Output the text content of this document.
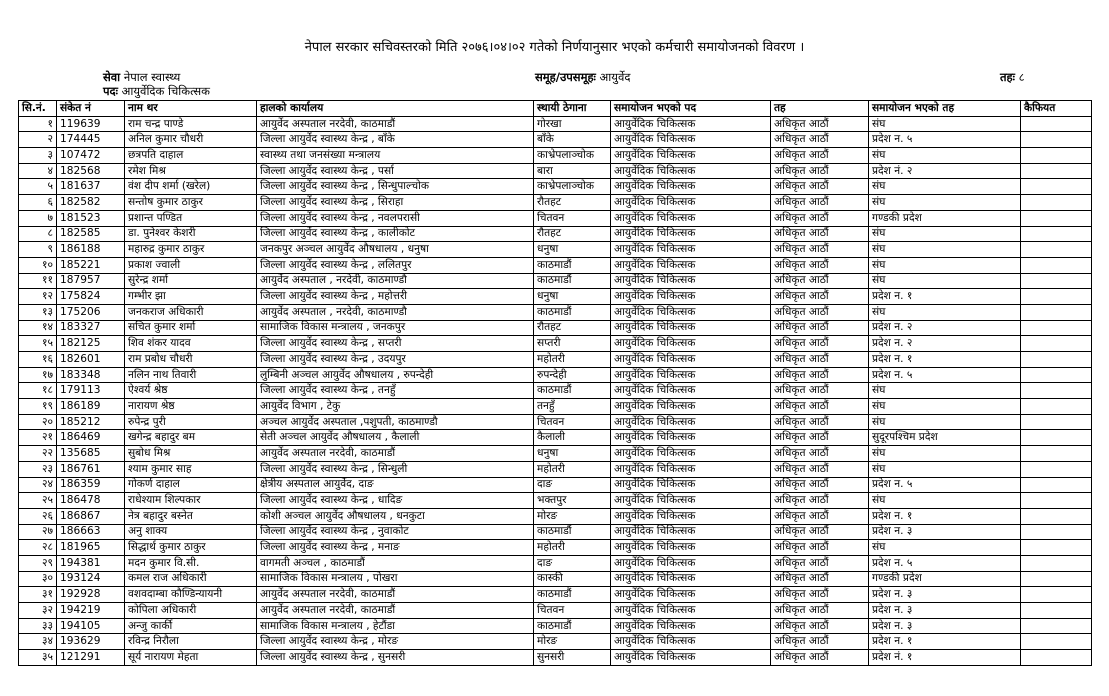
नेपाल सरकार सचिवस्तरको मिति २०७६।०४।०२ गतेको निर्णयानुसार भएको कर्मचारी समायोजनको विवरण ।
सेवा नेपाल स्वास्थ्य
पदः आयुर्वेदिक चिकित्सक
समूह/उपसमूहः आयुर्वेद	तहः ८
सि.नं.	संकेत नं	नाम थर	हालको कार्यालय	स्थायी ठेगाना	समायोजन भएको पद	तह	समायोजन भएको तह	कैफियत
१	119639	राम चन्द्र पाण्डे	आयुर्वेद अस्पताल नरदेवी, काठमाडौं	गोरखा	आयुर्वेदिक चिकित्सक	अधिकृत आठौं	संघ	
२	174445	अनिल कुमार चौधरी	जिल्ला आयुर्वेद स्वास्थ्य केन्द्र , बाँके	बाँके	आयुर्वेदिक चिकित्सक	अधिकृत आठौं	प्रदेश न. ५	
३	107472	छत्रपति दाहाल	स्वास्थ्य तथा जनसंख्या मन्त्रालय	काभ्रेपलाञ्चोक	आयुर्वेदिक चिकित्सक	अधिकृत आठौं	संघ	
४	182568	रमेश मिश्र	जिल्ला आयुर्वेद स्वास्थ्य केन्द्र , पर्सा	बारा	आयुर्वेदिक चिकित्सक	अधिकृत आठौं	प्रदेश नं. २	
५	181637	वंश दीप शर्मा (खरेल)	जिल्ला आयुर्वेद स्वास्थ्य केन्द्र , सिन्धुपाल्चोक	काभ्रेपलाञ्चोक	आयुर्वेदिक चिकित्सक	अधिकृत आठौं	संघ	
६	182582	सन्तोष कुमार ठाकुर	जिल्ला आयुर्वेद स्वास्थ्य केन्द्र , सिराहा	रौतहट	आयुर्वेदिक चिकित्सक	अधिकृत आठौं	संघ	
७	181523	प्रशान्त पण्डित	जिल्ला आयुर्वेद स्वास्थ्य केन्द्र , नवलपरासी	चितवन	आयुर्वेदिक चिकित्सक	अधिकृत आठौं	गण्डकी प्रदेश	
८	182585	डा. पुनेश्वर केशरी	जिल्ला आयुर्वेद स्वास्थ्य केन्द्र , कालीकोट	रौतहट	आयुर्वेदिक चिकित्सक	अधिकृत आठौं	संघ	
९	186188	महारुद्र कुमार ठाकुर	जनकपुर अञ्चल आयुर्वेद औषधालय , धनुषा	धनुषा	आयुर्वेदिक चिकित्सक	अधिकृत आठौं	संघ	
१०	185221	प्रकाश ज्वाली	जिल्ला आयुर्वेद स्वास्थ्य केन्द्र , ललितपुर	काठमाडौं	आयुर्वेदिक चिकित्सक	अधिकृत आठौं	संघ	
११	187957	सुरेन्द्र शर्मा	आयुर्वेद अस्पताल , नरदेवी, काठमाण्डौ	काठमाडौं	आयुर्वेदिक चिकित्सक	अधिकृत आठौं	संघ	
१२	175824	गम्भीर झा	जिल्ला आयुर्वेद स्वास्थ्य केन्द्र , महोत्तरी	धनुषा	आयुर्वेदिक चिकित्सक	अधिकृत आठौं	प्रदेश न. १	
१३	175206	जनकराज अधिकारी	आयुर्वेद अस्पताल , नरदेवी, काठमाण्डौ	काठमाडौं	आयुर्वेदिक चिकित्सक	अधिकृत आठौं	संघ	
१४	183327	सचित कुमार शर्मा	सामाजिक विकास मन्त्रालय , जनकपुर	रौतहट	आयुर्वेदिक चिकित्सक	अधिकृत आठौं	प्रदेश न. २	
१५	182125	शिव शंकर यादव	जिल्ला आयुर्वेद स्वास्थ्य केन्द्र , सप्तरी	सप्तरी	आयुर्वेदिक चिकित्सक	अधिकृत आठौं	प्रदेश न. २	
१६	182601	राम प्रबोध चौधरी	जिल्ला आयुर्वेद स्वास्थ्य केन्द्र , उदयपुर	महोतरी	आयुर्वेदिक चिकित्सक	अधिकृत आठौं	प्रदेश न. १	
१७	183348	नलिन नाथ तिवारी	लुम्बिनी अञ्चल आयुर्वेद औषधालय , रुपन्देही	रुपन्देही	आयुर्वेदिक चिकित्सक	अधिकृत आठौं	प्रदेश न. ५	
१८	179113	ऐश्वर्य श्रेष्ठ	जिल्ला आयुर्वेद स्वास्थ्य केन्द्र , तनहुँ	काठमाडौं	आयुर्वेदिक चिकित्सक	अधिकृत आठौं	संघ	
१९	186189	नारायण श्रेष्ठ	आयुर्वेद विभाग , टेकु	तनहुँ	आयुर्वेदिक चिकित्सक	अधिकृत आठौं	संघ	
२०	185212	रुपेन्द्र पुरी	अञ्चल आयुर्वेद अस्पताल ,पशुपती, काठमाण्डौ	चितवन	आयुर्वेदिक चिकित्सक	अधिकृत आठौं	संघ	
२१	186469	खगेन्द्र बहादुर बम	सेती अञ्चल आयुर्वेद औषधालय , कैलाली	कैलाली	आयुर्वेदिक चिकित्सक	अधिकृत आठौं	सुदूरपश्चिम प्रदेश	
२२	135685	सुबोध मिश्र	आयुर्वेद अस्पताल नरदेवी, काठमाडौं	धनुषा	आयुर्वेदिक चिकित्सक	अधिकृत आठौं	संघ	
२३	186761	श्याम कुमार साह	जिल्ला आयुर्वेद स्वास्थ्य केन्द्र , सिन्धुली	महोतरी	आयुर्वेदिक चिकित्सक	अधिकृत आठौं	संघ	
२४	186359	गोकर्ण दाहाल	क्षेत्रीय अस्पताल आयुर्वेद, दाङ	दाङ	आयुर्वेदिक चिकित्सक	अधिकृत आठौं	प्रदेश न. ५	
२५	186478	राधेश्याम शिल्पकार	जिल्ला आयुर्वेद स्वास्थ्य केन्द्र , धादिङ	भक्तपुर	आयुर्वेदिक चिकित्सक	अधिकृत आठौं	संघ	
२६	186867	नेत्र बहादुर बस्नेत	कोशी अञ्चल आयुर्वेद औषधालय , धनकुटा	मोरङ	आयुर्वेदिक चिकित्सक	अधिकृत आठौं	प्रदेश न. १	
२७	186663	अनु शाक्य	जिल्ला आयुर्वेद स्वास्थ्य केन्द्र , नुवाकोट	काठमाडौं	आयुर्वेदिक चिकित्सक	अधिकृत आठौं	प्रदेश न. ३	
२८	181965	सिद्धार्थ कुमार ठाकुर	जिल्ला आयुर्वेद स्वास्थ्य केन्द्र , मनाङ	महोतरी	आयुर्वेदिक चिकित्सक	अधिकृत आठौं	संघ	
२९	194381	मदन कुमार वि.सी.	वागमती अञ्चल , काठमाडौं	दाङ	आयुर्वेदिक चिकित्सक	अधिकृत आठौं	प्रदेश न. ५	
३०	193124	कमल राज अधिकारी	सामाजिक विकास मन्त्रालय , पोखरा	कास्की	आयुर्वेदिक चिकित्सक	अधिकृत आठौं	गण्डकी प्रदेश	
३१	192928	वशवदाम्बा कौण्डिन्यायनी	आयुर्वेद अस्पताल नरदेवी, काठमाडौं	काठमाडौं	आयुर्वेदिक चिकित्सक	अधिकृत आठौं	प्रदेश न. ३	
३२	194219	कोपिला अधिकारी	आयुर्वेद अस्पताल नरदेवी, काठमाडौं	चितवन	आयुर्वेदिक चिकित्सक	अधिकृत आठौं	प्रदेश न. ३	
३३	194105	अन्जु कार्की	सामाजिक विकास मन्त्रालय , हेटौंडा	काठमाडौं	आयुर्वेदिक चिकित्सक	अधिकृत आठौं	प्रदेश न. ३	
३४	193629	रविन्द्र निरौला	जिल्ला आयुर्वेद स्वास्थ्य केन्द्र , मोरङ	मोरङ	आयुर्वेदिक चिकित्सक	अधिकृत आठौं	प्रदेश न. १	
३५	121291	सूर्य नारायण मेहता	जिल्ला आयुर्वेद स्वास्थ्य केन्द्र , सुनसरी	सुनसरी	आयुर्वेदिक चिकित्सक	अधिकृत आठौं	प्रदेश नं. १	
